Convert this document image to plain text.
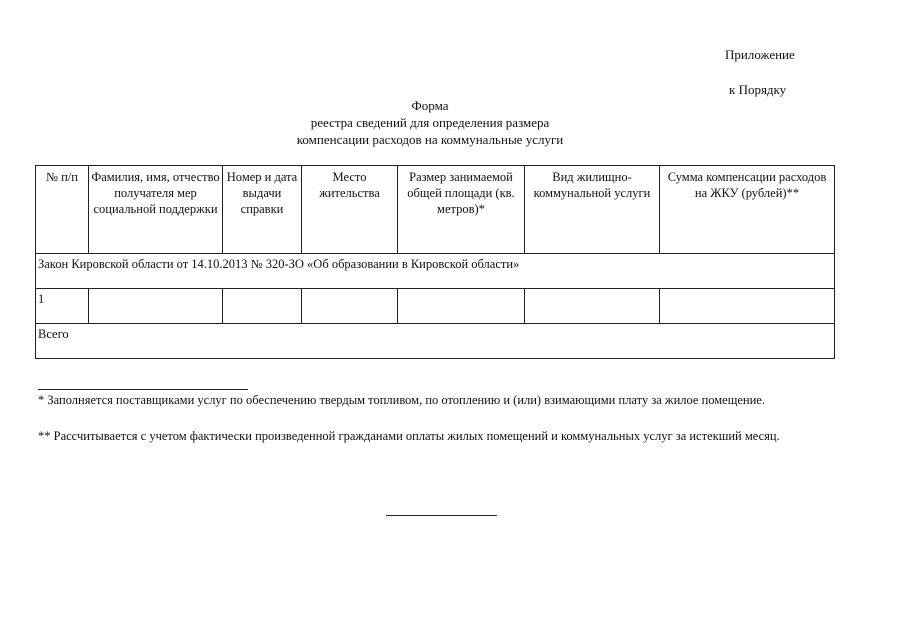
Приложение
к Порядку
Форма
реестра сведений для определения размера
компенсации расходов на коммунальные услуги
№ п/п	Фамилия, имя, отчество получателя мер социальной поддержки	Номер и дата выдачи справки	Место жительства	Размер занимаемой общей площади (кв. метров)*	Вид жилищно-коммунальной услуги	Сумма компенсации расходов на ЖКУ (рублей)**
Закон Кировской области от 14.10.2013 № 320-ЗО «Об образовании в Кировской области»						
1						
Всего						
* Заполняется поставщиками услуг по обеспечению твердым топливом, по отоплению и (или) взимающими плату за жилое помещение.
** Рассчитывается с учетом фактически произведенной гражданами оплаты жилых помещений и коммунальных услуг за истекший месяц.
